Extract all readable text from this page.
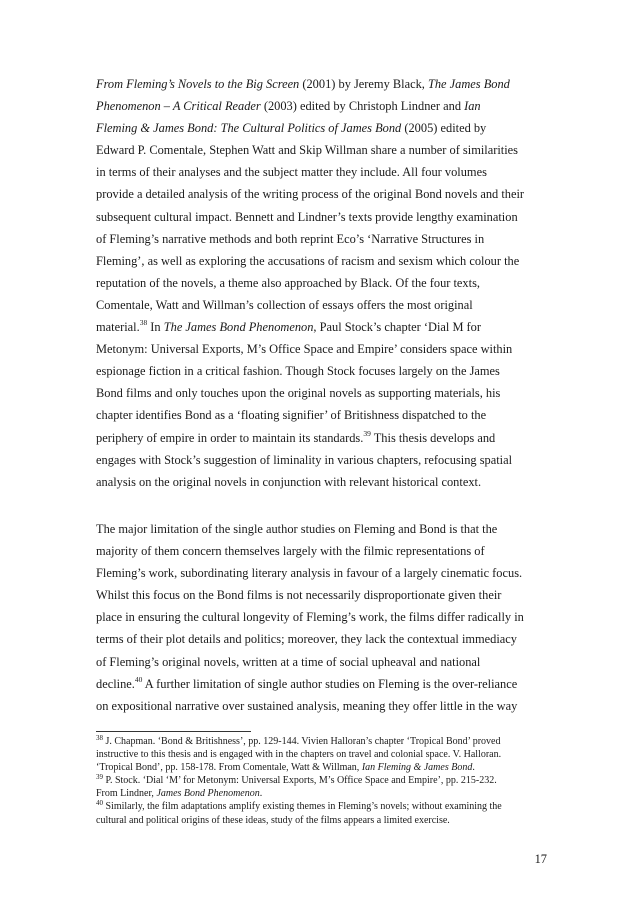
From Fleming’s Novels to the Big Screen (2001) by Jeremy Black, The James Bond
Phenomenon – A Critical Reader (2003) edited by Christoph Lindner and Ian
Fleming & James Bond: The Cultural Politics of James Bond (2005) edited by
Edward P. Comentale, Stephen Watt and Skip Willman share a number of similarities
in terms of their analyses and the subject matter they include. All four volumes
provide a detailed analysis of the writing process of the original Bond novels and their
subsequent cultural impact. Bennett and Lindner’s texts provide lengthy examination
of Fleming’s narrative methods and both reprint Eco’s ‘Narrative Structures in
Fleming’, as well as exploring the accusations of racism and sexism which colour the
reputation of the novels, a theme also approached by Black. Of the four texts,
Comentale, Watt and Willman’s collection of essays offers the most original
material.$^{38}$ In The James Bond Phenomenon, Paul Stock’s chapter ‘Dial M for
Metonym: Universal Exports, M’s Office Space and Empire’ considers space within
espionage fiction in a critical fashion. Though Stock focuses largely on the James
Bond films and only touches upon the original novels as supporting materials, his
chapter identifies Bond as a ‘floating signifier’ of Britishness dispatched to the
periphery of empire in order to maintain its standards.$^{39}$ This thesis develops and
engages with Stock’s suggestion of liminality in various chapters, refocusing spatial
analysis on the original novels in conjunction with relevant historical context.
The major limitation of the single author studies on Fleming and Bond is that the
majority of them concern themselves largely with the filmic representations of
Fleming’s work, subordinating literary analysis in favour of a largely cinematic focus.
Whilst this focus on the Bond films is not necessarily disproportionate given their
place in ensuring the cultural longevity of Fleming’s work, the films differ radically in
terms of their plot details and politics; moreover, they lack the contextual immediacy
of Fleming’s original novels, written at a time of social upheaval and national
decline.$^{40}$ A further limitation of single author studies on Fleming is the over-reliance
on expositional narrative over sustained analysis, meaning they offer little in the way
$^{38}$ J. Chapman. ‘Bond & Britishness’, pp. 129-144. Vivien Halloran’s chapter ‘Tropical Bond’ proved
instructive to this thesis and is engaged with in the chapters on travel and colonial space. V. Halloran.
‘Tropical Bond’, pp. 158-178. From Comentale, Watt & Willman, Ian Fleming & James Bond.
$^{39}$ P. Stock. ‘Dial ‘M’ for Metonym: Universal Exports, M’s Office Space and Empire’, pp. 215-232.
From Lindner, James Bond Phenomenon.
$^{40}$ Similarly, the film adaptations amplify existing themes in Fleming’s novels; without examining the
cultural and political origins of these ideas, study of the films appears a limited exercise.
17
